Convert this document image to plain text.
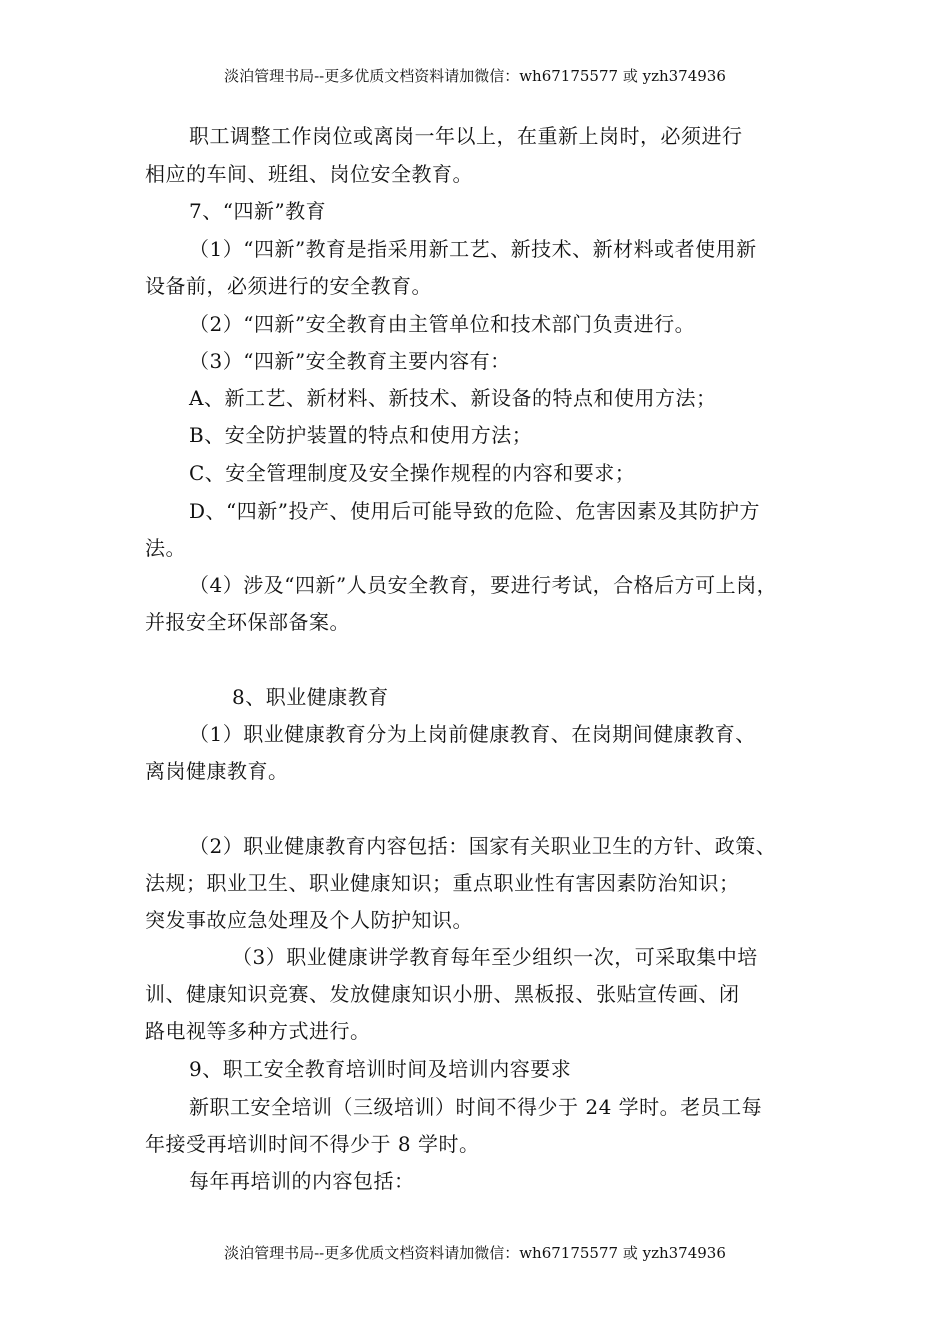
淡泊管理书局--更多优质文档资料请加微信：wh67175577 或 yzh374936
职工调整工作岗位或离岗一年以上，在重新上岗时，必须进行
相应的车间、班组、岗位安全教育。
7、“四新”教育
（1）“四新”教育是指采用新工艺、新技术、新材料或者使用新
设备前，必须进行的安全教育。
（2）“四新”安全教育由主管单位和技术部门负责进行。
（3）“四新”安全教育主要内容有：
A、新工艺、新材料、新技术、新设备的特点和使用方法；
B、安全防护装置的特点和使用方法；
C、安全管理制度及安全操作规程的内容和要求；
D、“四新”投产、使用后可能导致的危险、危害因素及其防护方
法。
（4）涉及“四新”人员安全教育，要进行考试，合格后方可上岗，
并报安全环保部备案。
8、职业健康教育
（1）职业健康教育分为上岗前健康教育、在岗期间健康教育、
离岗健康教育。
（2）职业健康教育内容包括：国家有关职业卫生的方针、政策、
法规；职业卫生、职业健康知识；重点职业性有害因素防治知识；
突发事故应急处理及个人防护知识。
（3）职业健康讲学教育每年至少组织一次，可采取集中培
训、健康知识竞赛、发放健康知识小册、黑板报、张贴宣传画、闭
路电视等多种方式进行。
9、职工安全教育培训时间及培训内容要求
新职工安全培训（三级培训）时间不得少于 24 学时。老员工每
年接受再培训时间不得少于 8 学时。
每年再培训的内容包括：
淡泊管理书局--更多优质文档资料请加微信：wh67175577 或 yzh374936
